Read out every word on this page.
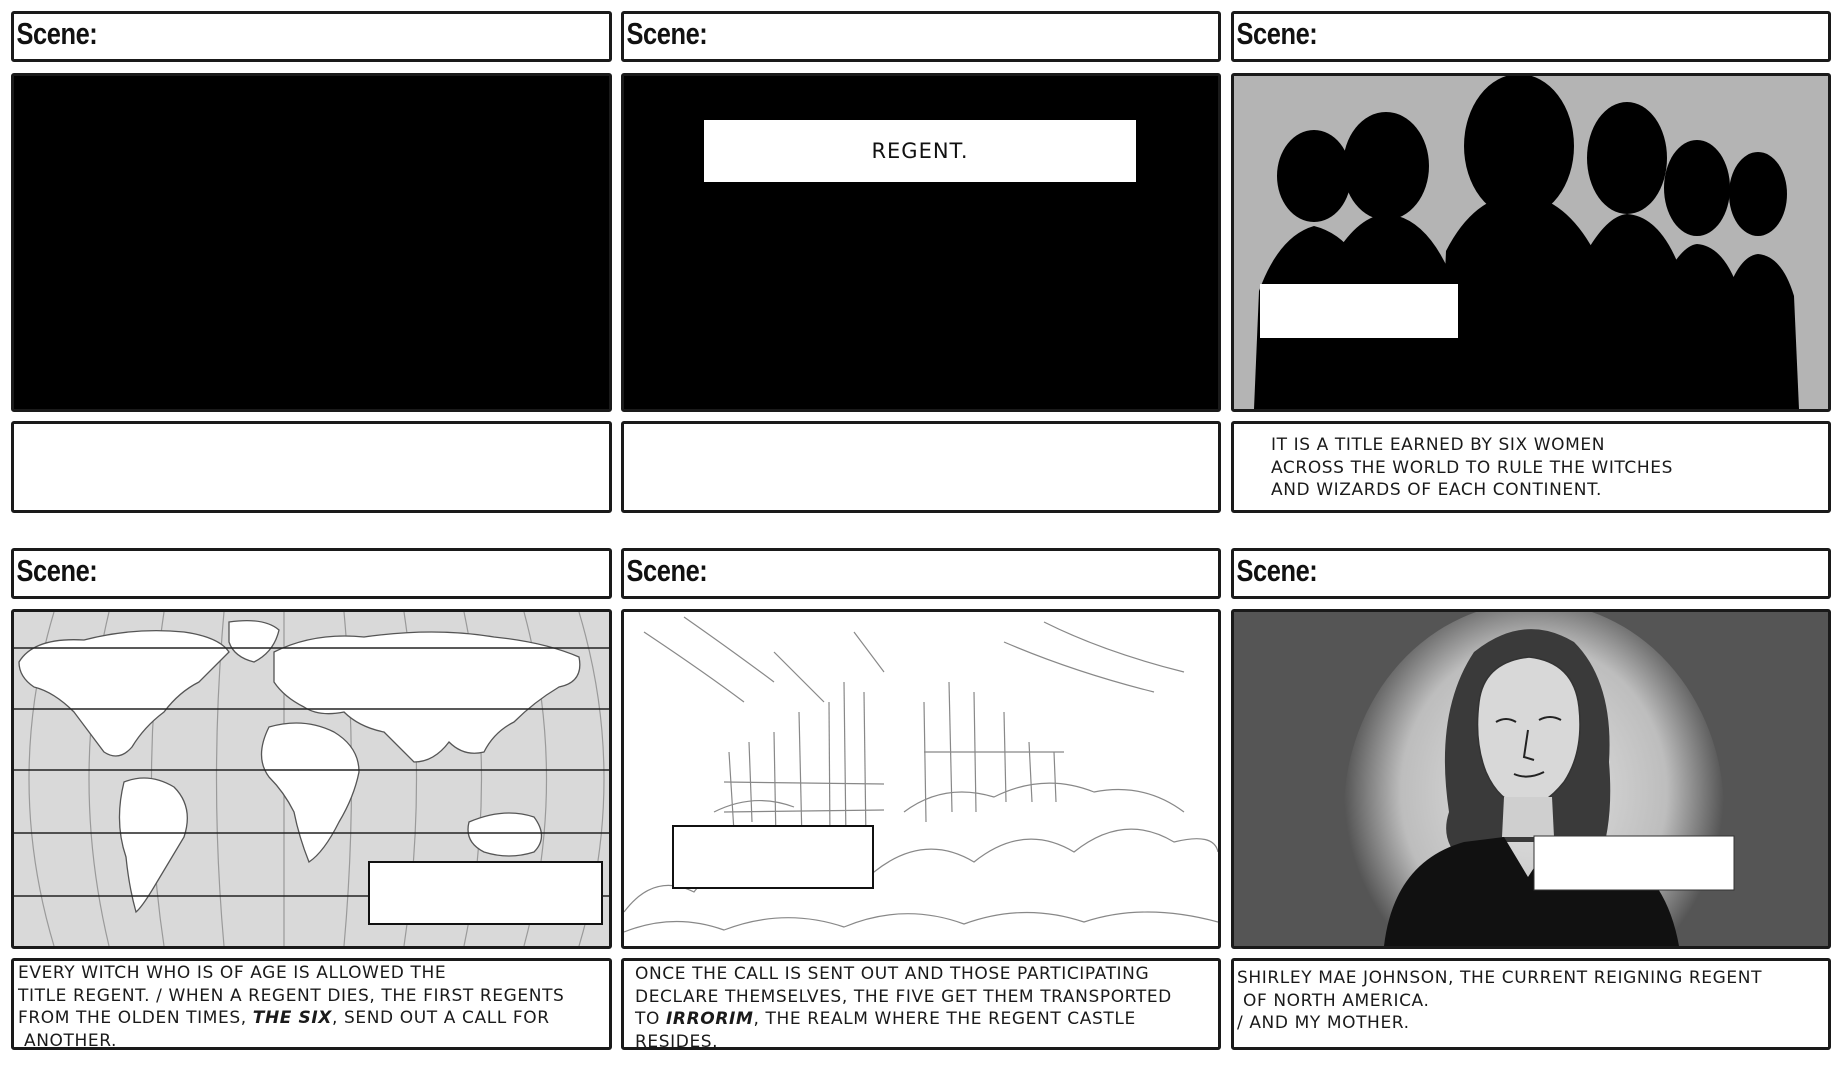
Scene:	Scene:	Scene:
REGENT.
IT IS A TITLE EARNED BY SIX WOMEN
ACROSS THE WORLD TO RULE THE WITCHES
AND WIZARDS OF EACH CONTINENT.
Scene:	Scene:	Scene:
EVERY WITCH WHO IS OF AGE IS ALLOWED THE
TITLE REGENT. / WHEN A REGENT DIES, THE FIRST REGENTS
FROM THE OLDEN TIMES, THE SIX, SEND OUT A CALL FOR
ANOTHER.
ONCE THE CALL IS SENT OUT AND THOSE PARTICIPATING
DECLARE THEMSELVES, THE FIVE GET THEM TRANSPORTED
TO IRRORIM, THE REALM WHERE THE REGENT CASTLE
RESIDES.
SHIRLEY MAE JOHNSON, THE CURRENT REIGNING REGENT
OF NORTH AMERICA.
/ AND MY MOTHER.
